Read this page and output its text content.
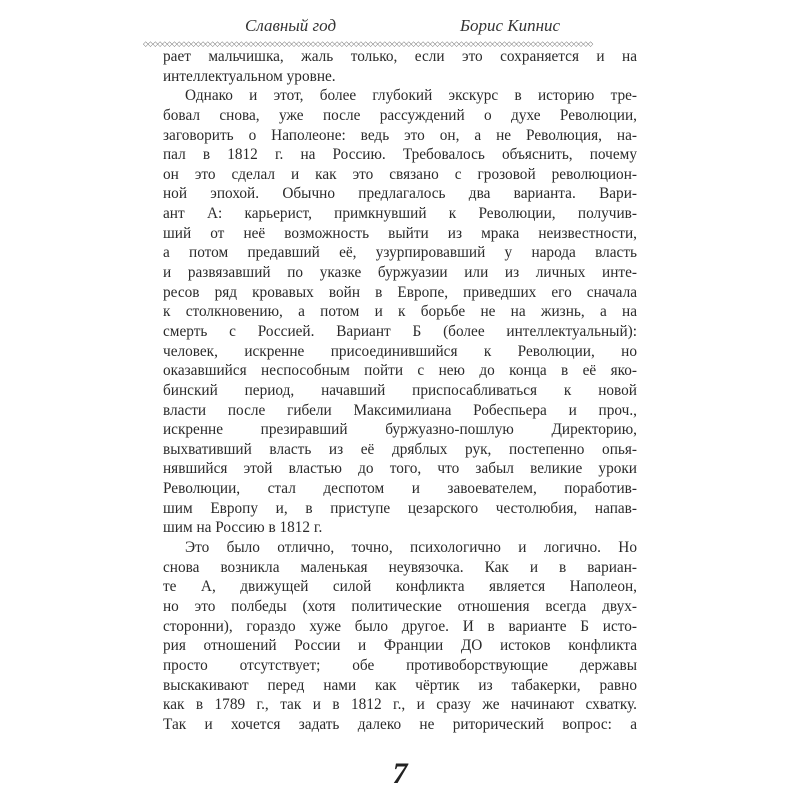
Славный год	Борис Кипнис
◇◇◇◇◇◇◇◇◇◇◇◇◇◇◇◇◇◇◇◇◇◇◇◇◇◇◇◇◇◇◇◇◇◇◇◇◇◇◇◇◇◇◇◇◇◇◇◇◇◇◇◇◇◇◇◇◇◇◇◇◇◇◇◇◇◇◇◇◇◇◇◇◇◇◇◇◇◇◇◇◇◇◇◇◇◇◇◇◇◇◇◇◇◇
рает мальчишка, жаль только, если это сохраняется и на
интеллектуальном уровне.
Однако и этот, более глубокий экскурс в историю тре-
бовал снова, уже после рассуждений о духе Революции,
заговорить о Наполеоне: ведь это он, а не Революция, на-
пал в 1812 г. на Россию. Требовалось объяснить, почему
он это сделал и как это связано с грозовой революцион-
ной эпохой. Обычно предлагалось два варианта. Вари-
ант А: карьерист, примкнувший к Революции, получив-
ший от неё возможность выйти из мрака неизвестности,
а потом предавший её, узурпировавший у народа власть
и развязавший по указке буржуазии или из личных инте-
ресов ряд кровавых войн в Европе, приведших его сначала
к столкновению, а потом и к борьбе не на жизнь, а на
смерть с Россией. Вариант Б (более интеллектуальный):
человек, искренне присоединившийся к Революции, но
оказавшийся неспособным пойти с нею до конца в её яко-
бинский период, начавший приспосабливаться к новой
власти после гибели Максимилиана Робеспьера и проч.,
искренне презиравший буржуазно-пошлую Директорию,
выхвативший власть из её дряблых рук, постепенно опья-
нявшийся этой властью до того, что забыл великие уроки
Революции, стал деспотом и завоевателем, поработив-
шим Европу и, в приступе цезарского честолюбия, напав-
шим на Россию в 1812 г.
Это было отлично, точно, психологично и логично. Но
снова возникла маленькая неувязочка. Как и в вариан-
те А, движущей силой конфликта является Наполеон,
но это полбеды (хотя политические отношения всегда двух-
сторонни), гораздо хуже было другое. И в варианте Б исто-
рия отношений России и Франции ДО истоков конфликта
просто отсутствует; обе противоборствующие державы
выскакивают перед нами как чёртик из табакерки, равно
как в 1789 г., так и в 1812 г., и сразу же начинают схватку.
Так и хочется задать далеко не риторический вопрос: а
7
